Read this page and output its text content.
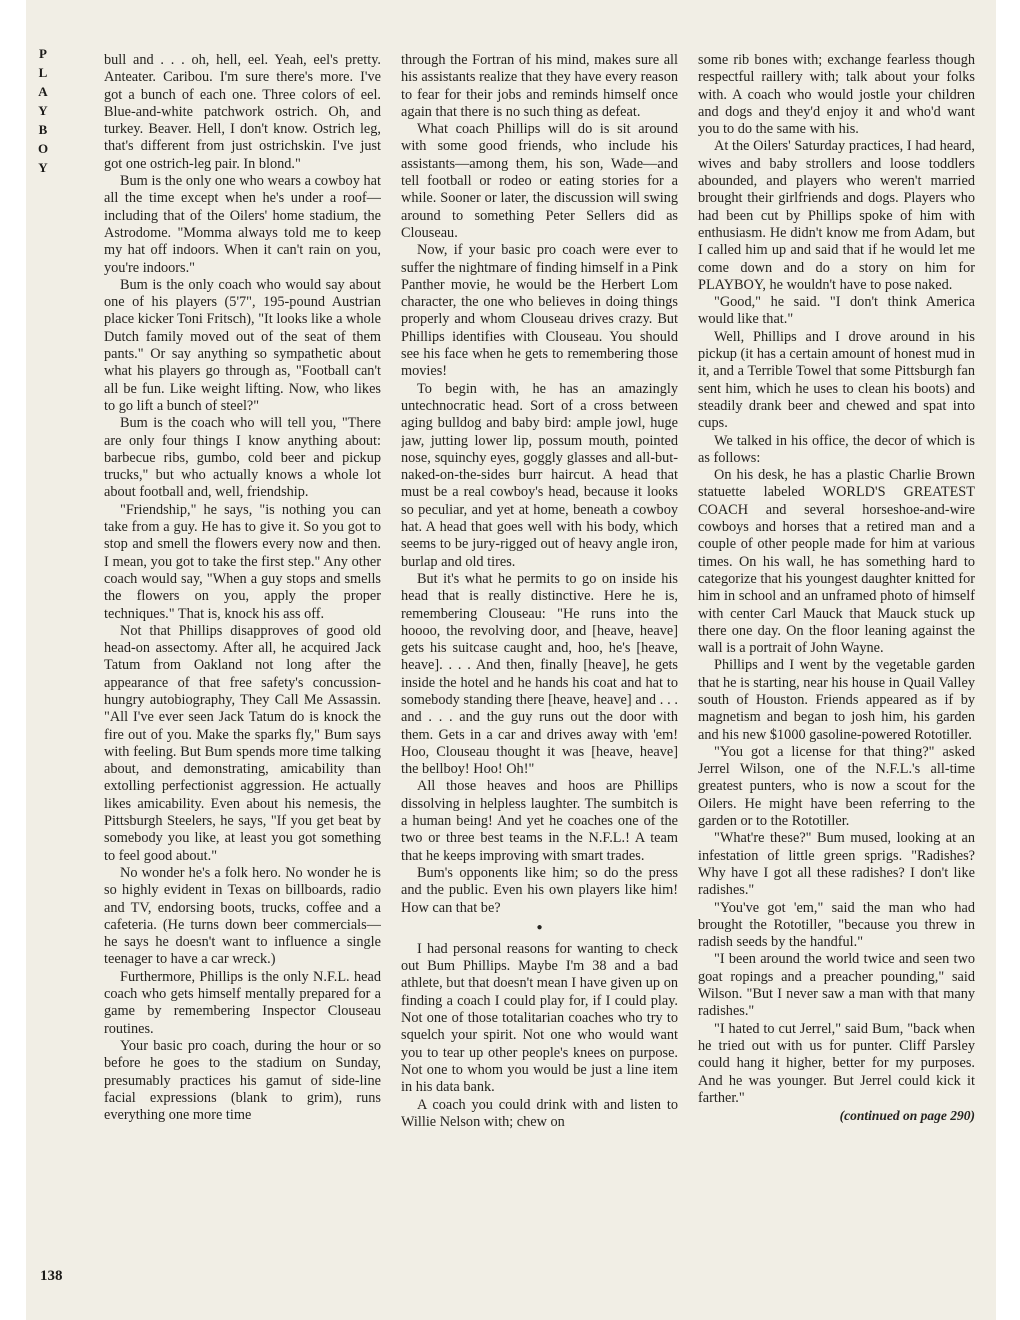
P
L
A
Y
B
O
Y
138

bull and . . . oh, hell, eel. Yeah, eel's pretty. Anteater. Caribou. I'm sure there's more. I've got a bunch of each one. Three colors of eel. Blue-and-white patchwork ostrich. Oh, and turkey. Beaver. Hell, I don't know. Ostrich leg, that's different from just ostrichskin. I've just got one ostrich-leg pair. In blond."

Bum is the only one who wears a cowboy hat all the time except when he's under a roof—including that of the Oilers' home stadium, the Astrodome. "Momma always told me to keep my hat off indoors. When it can't rain on you, you're indoors."

Bum is the only coach who would say about one of his players (5'7", 195-pound Austrian place kicker Toni Fritsch), "It looks like a whole Dutch family moved out of the seat of them pants." Or say anything so sympathetic about what his players go through as, "Football can't all be fun. Like weight lifting. Now, who likes to go lift a bunch of steel?"

Bum is the coach who will tell you, "There are only four things I know anything about: barbecue ribs, gumbo, cold beer and pickup trucks," but who actually knows a whole lot about football and, well, friendship.

"Friendship," he says, "is nothing you can take from a guy. He has to give it. So you got to stop and smell the flowers every now and then. I mean, you got to take the first step." Any other coach would say, "When a guy stops and smells the flowers on you, apply the proper techniques." That is, knock his ass off.

Not that Phillips disapproves of good old head-on assectomy. After all, he acquired Jack Tatum from Oakland not long after the appearance of that free safety's concussion-hungry autobiography, They Call Me Assassin. "All I've ever seen Jack Tatum do is knock the fire out of you. Make the sparks fly," Bum says with feeling. But Bum spends more time talking about, and demonstrating, amicability than extolling perfectionist aggression. He actually likes amicability. Even about his nemesis, the Pittsburgh Steelers, he says, "If you get beat by somebody you like, at least you got something to feel good about."

No wonder he's a folk hero. No wonder he is so highly evident in Texas on billboards, radio and TV, endorsing boots, trucks, coffee and a cafeteria. (He turns down beer commercials—he says he doesn't want to influence a single teenager to have a car wreck.)

Furthermore, Phillips is the only N.F.L. head coach who gets himself mentally prepared for a game by remembering Inspector Clouseau routines.

Your basic pro coach, during the hour or so before he goes to the stadium on Sunday, presumably practices his gamut of side-line facial expressions (blank to grim), runs everything one more time

through the Fortran of his mind, makes sure all his assistants realize that they have every reason to fear for their jobs and reminds himself once again that there is no such thing as defeat.

What coach Phillips will do is sit around with some good friends, who include his assistants—among them, his son, Wade—and tell football or rodeo or eating stories for a while. Sooner or later, the discussion will swing around to something Peter Sellers did as Clouseau.

Now, if your basic pro coach were ever to suffer the nightmare of finding himself in a Pink Panther movie, he would be the Herbert Lom character, the one who believes in doing things properly and whom Clouseau drives crazy. But Phillips identifies with Clouseau. You should see his face when he gets to remembering those movies!

To begin with, he has an amazingly untechnocratic head. Sort of a cross between aging bulldog and baby bird: ample jowl, huge jaw, jutting lower lip, possum mouth, pointed nose, squinchy eyes, goggly glasses and all-but-naked-on-the-sides burr haircut. A head that must be a real cowboy's head, because it looks so peculiar, and yet at home, beneath a cowboy hat. A head that goes well with his body, which seems to be jury-rigged out of heavy angle iron, burlap and old tires.

But it's what he permits to go on inside his head that is really distinctive. Here he is, remembering Clouseau: "He runs into the hoooo, the revolving door, and [heave, heave] gets his suitcase caught and, hoo, he's [heave, heave]. . . . And then, finally [heave], he gets inside the hotel and he hands his coat and hat to somebody standing there [heave, heave] and . . . and . . . and the guy runs out the door with them. Gets in a car and drives away with 'em! Hoo, Clouseau thought it was [heave, heave] the bellboy! Hoo! Oh!"

All those heaves and hoos are Phillips dissolving in helpless laughter. The sumbitch is a human being! And yet he coaches one of the two or three best teams in the N.F.L.! A team that he keeps improving with smart trades.

Bum's opponents like him; so do the press and the public. Even his own players like him! How can that be?

●

I had personal reasons for wanting to check out Bum Phillips. Maybe I'm 38 and a bad athlete, but that doesn't mean I have given up on finding a coach I could play for, if I could play. Not one of those totalitarian coaches who try to squelch your spirit. Not one who would want you to tear up other people's knees on purpose. Not one to whom you would be just a line item in his data bank.

A coach you could drink with and listen to Willie Nelson with; chew on

some rib bones with; exchange fearless though respectful raillery with; talk about your folks with. A coach who would jostle your children and dogs and they'd enjoy it and who'd want you to do the same with his.

At the Oilers' Saturday practices, I had heard, wives and baby strollers and loose toddlers abounded, and players who weren't married brought their girlfriends and dogs. Players who had been cut by Phillips spoke of him with enthusiasm. He didn't know me from Adam, but I called him up and said that if he would let me come down and do a story on him for PLAYBOY, he wouldn't have to pose naked.

"Good," he said. "I don't think America would like that."

Well, Phillips and I drove around in his pickup (it has a certain amount of honest mud in it, and a Terrible Towel that some Pittsburgh fan sent him, which he uses to clean his boots) and steadily drank beer and chewed and spat into cups.

We talked in his office, the decor of which is as follows:

On his desk, he has a plastic Charlie Brown statuette labeled WORLD'S GREATEST COACH and several horseshoe-and-wire cowboys and horses that a retired man and a couple of other people made for him at various times. On his wall, he has something hard to categorize that his youngest daughter knitted for him in school and an unframed photo of himself with center Carl Mauck that Mauck stuck up there one day. On the floor leaning against the wall is a portrait of John Wayne.

Phillips and I went by the vegetable garden that he is starting, near his house in Quail Valley south of Houston. Friends appeared as if by magnetism and began to josh him, his garden and his new $1000 gasoline-powered Rototiller.

"You got a license for that thing?" asked Jerrel Wilson, one of the N.F.L.'s all-time greatest punters, who is now a scout for the Oilers. He might have been referring to the garden or to the Rototiller.

"What're these?" Bum mused, looking at an infestation of little green sprigs. "Radishes? Why have I got all these radishes? I don't like radishes."

"You've got 'em," said the man who had brought the Rototiller, "because you threw in radish seeds by the handful."

"I been around the world twice and seen two goat ropings and a preacher pounding," said Wilson. "But I never saw a man with that many radishes."

"I hated to cut Jerrel," said Bum, "back when he tried out with us for punter. Cliff Parsley could hang it higher, better for my purposes. And he was younger. But Jerrel could kick it farther."

(continued on page 290)
